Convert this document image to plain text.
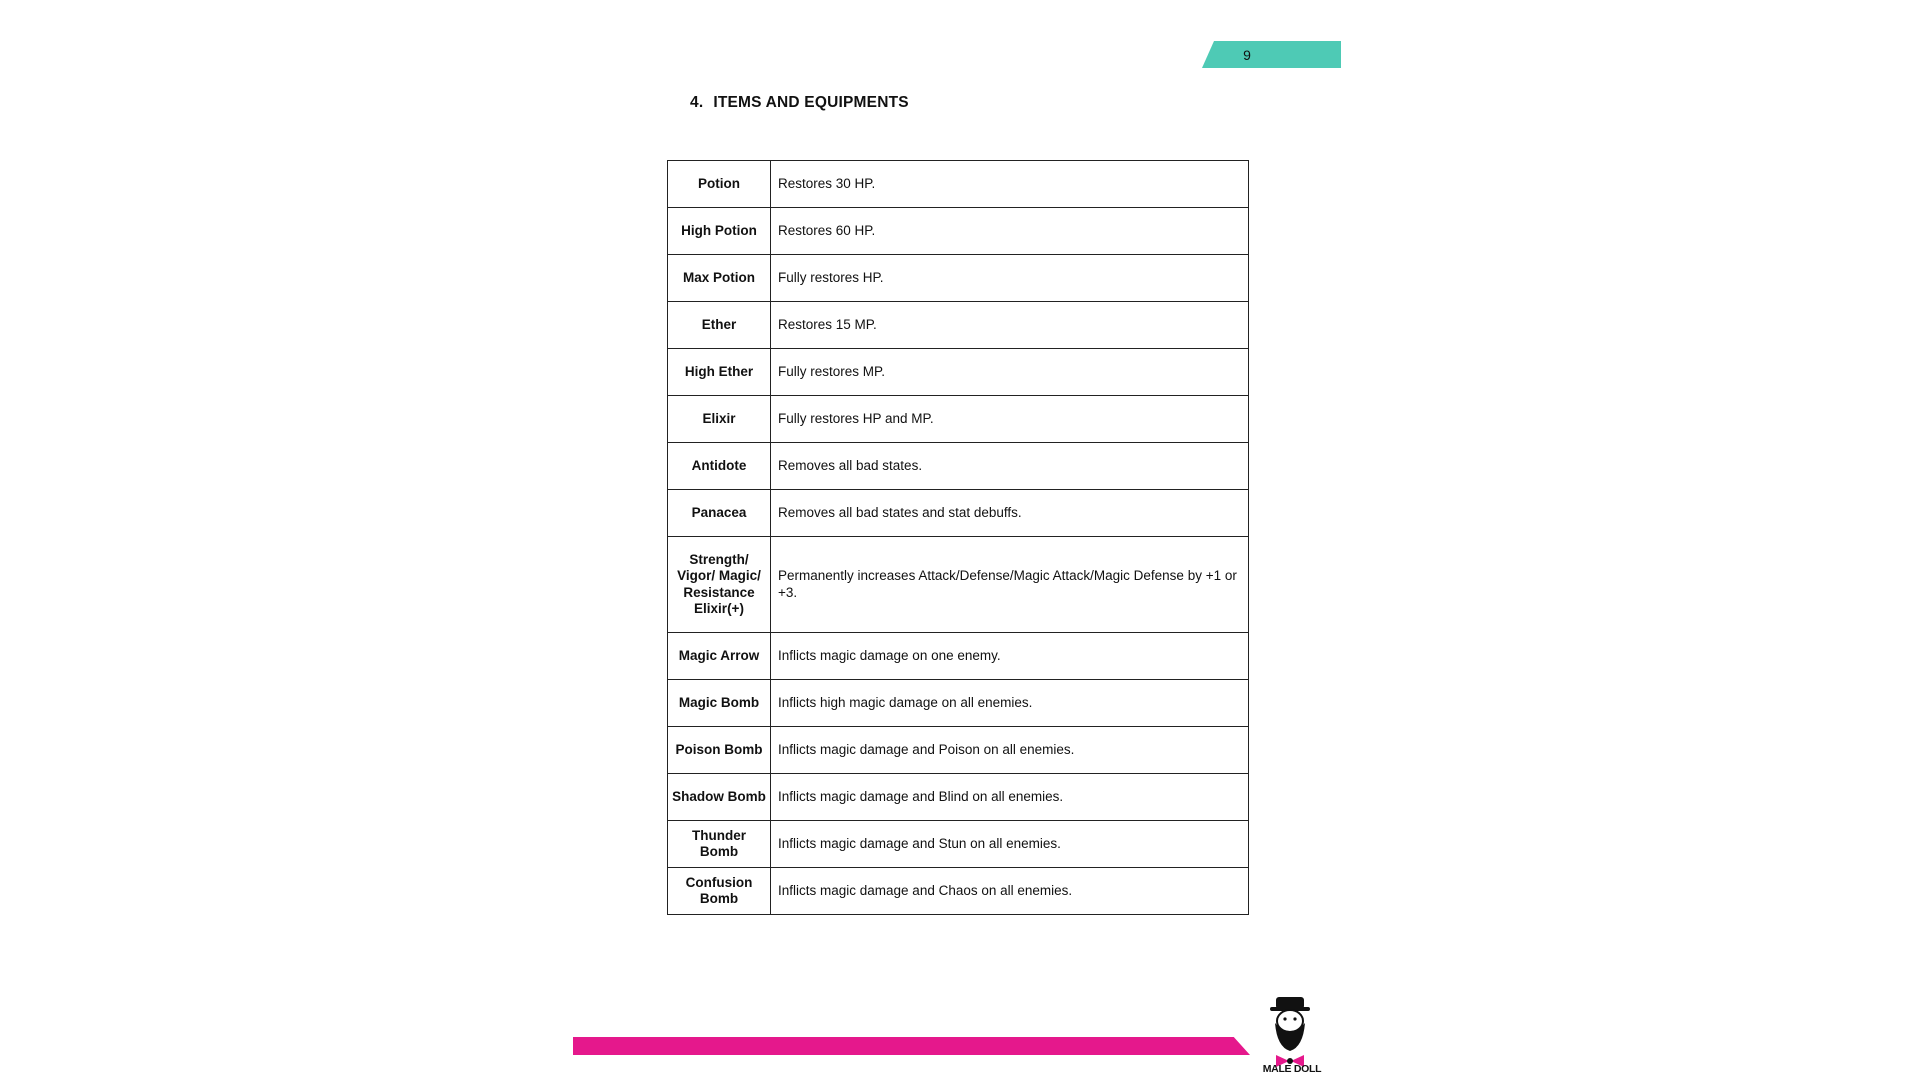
9
4. ITEMS AND EQUIPMENTS
Potion	Restores 30 HP.
High Potion	Restores 60 HP.
Max Potion	Fully restores HP.
Ether	Restores 15 MP.
High Ether	Fully restores MP.
Elixir	Fully restores HP and MP.
Antidote	Removes all bad states.
Panacea	Removes all bad states and stat debuffs.
Strength/ Vigor/ Magic/ Resistance Elixir(+)	Permanently increases Attack/Defense/Magic Attack/Magic Defense by +1 or +3.
Magic Arrow	Inflicts magic damage on one enemy.
Magic Bomb	Inflicts high magic damage on all enemies.
Poison Bomb	Inflicts magic damage and Poison on all enemies.
Shadow Bomb	Inflicts magic damage and Blind on all enemies.
Thunder Bomb	Inflicts magic damage and Stun on all enemies.
Confusion Bomb	Inflicts magic damage and Chaos on all enemies.
MALE DOLL
